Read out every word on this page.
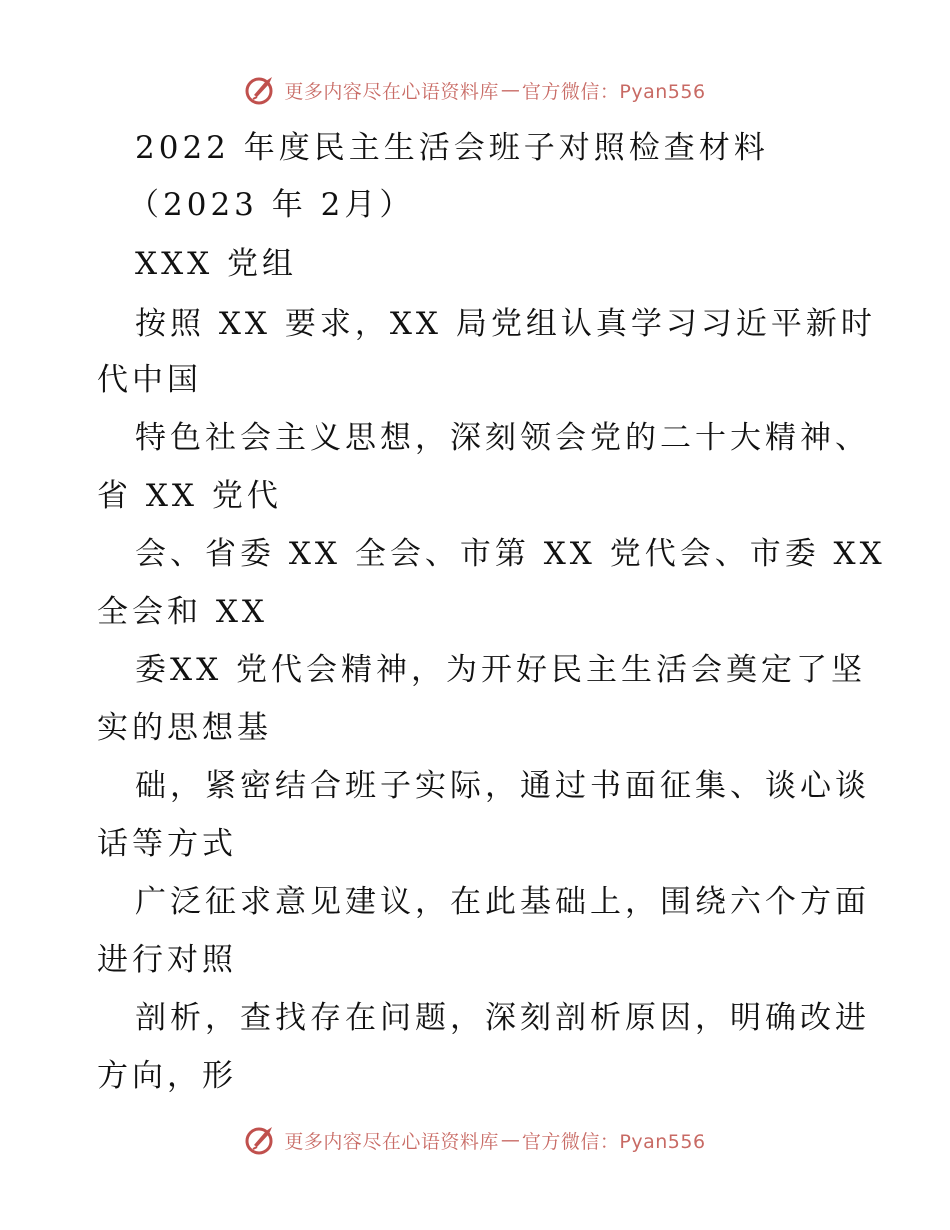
更多内容尽在心语资料库 — 官方微信：Pyan556
2022 年度民主生活会班子对照检查材料
（2023 年 2月）
XXX 党组
按照 XX 要求，XX 局党组认真学习习近平新时
代中国
特色社会主义思想，深刻领会党的二十大精神、
省 XX 党代
会、省委 XX 全会、市第 XX 党代会、市委 XX
全会和 XX
委XX 党代会精神，为开好民主生活会奠定了坚
实的思想基
础，紧密结合班子实际，通过书面征集、谈心谈
话等方式
广泛征求意见建议，在此基础上，围绕六个方面
进行对照
剖析，查找存在问题，深刻剖析原因，明确改进
方向，形
更多内容尽在心语资料库 — 官方微信：Pyan556
